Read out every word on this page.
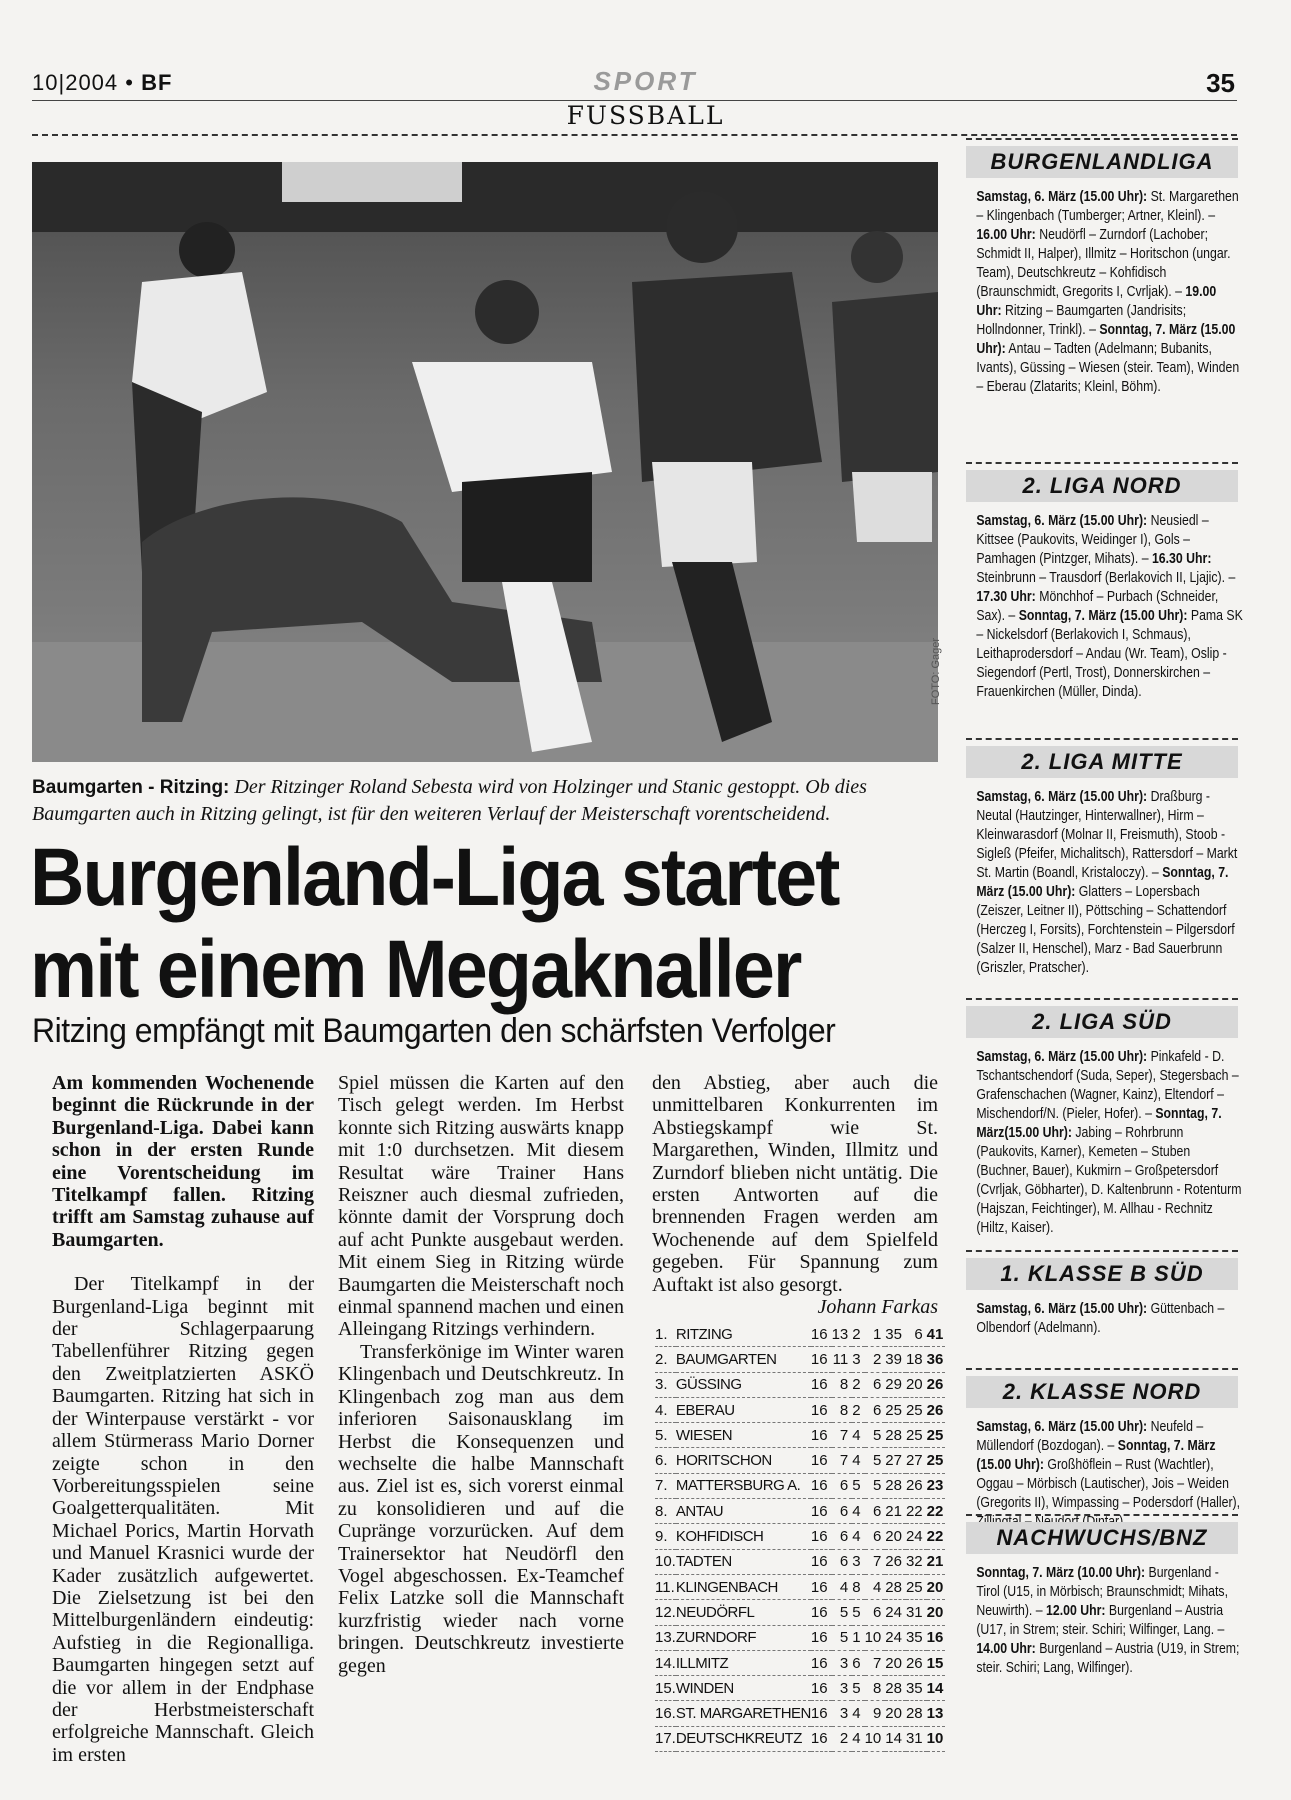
10|2004 • BF	SPORT	35
FUSSBALL
FOTO: Gager
Baumgarten - Ritzing: Der Ritzinger Roland Sebesta wird von Holzinger und Stanic gestoppt. Ob dies Baumgarten auch in Ritzing gelingt, ist für den weiteren Verlauf der Meisterschaft vorentscheidend.
Burgenland-Liga startet
mit einem Megaknaller
Ritzing empfängt mit Baumgarten den schärfsten Verfolger

Am kommenden Wochenende beginnt die Rückrunde in der Burgenland-Liga. Dabei kann schon in der ersten Runde eine Vorentscheidung im Titelkampf fallen. Ritzing trifft am Samstag zuhause auf Baumgarten.

Der Titelkampf in der Burgenland-Liga beginnt mit der Schlagerpaarung Tabellenführer Ritzing gegen den Zweitplatzierten ASKÖ Baumgarten. Ritzing hat sich in der Winterpause verstärkt - vor allem Stürmerass Mario Dorner zeigte schon in den Vorbereitungsspielen seine Goalgetterqualitäten. Mit Michael Porics, Martin Horvath und Manuel Krasnici wurde der Kader zusätzlich aufgewertet. Die Zielsetzung ist bei den Mittelburgenländern eindeutig: Aufstieg in die Regionalliga. Baumgarten hingegen setzt auf die vor allem in der Endphase der Herbstmeisterschaft erfolgreiche Mannschaft. Gleich im ersten

Spiel müssen die Karten auf den Tisch gelegt werden. Im Herbst konnte sich Ritzing auswärts knapp mit 1:0 durchsetzen. Mit diesem Resultat wäre Trainer Hans Reiszner auch diesmal zufrieden, könnte damit der Vorsprung doch auf acht Punkte ausgebaut werden. Mit einem Sieg in Ritzing würde Baumgarten die Meisterschaft noch einmal spannend machen und einen Alleingang Ritzings verhindern.

Transferkönige im Winter waren Klingenbach und Deutschkreutz. In Klingenbach zog man aus dem inferioren Saisonausklang im Herbst die Konsequenzen und wechselte die halbe Mannschaft aus. Ziel ist es, sich vorerst einmal zu konsolidieren und auf die Cupränge vorzurücken. Auf dem Trainersektor hat Neudörfl den Vogel abgeschossen. Ex-Teamchef Felix Latzke soll die Mannschaft kurzfristig wieder nach vorne bringen. Deutschkreutz investierte gegen

den Abstieg, aber auch die unmittelbaren Konkurrenten im Abstiegskampf wie St. Margarethen, Winden, Illmitz und Zurndorf blieben nicht untätig. Die ersten Antworten auf die brennenden Fragen werden am Wochenende auf dem Spielfeld gegeben. Für Spannung zum Auftakt ist also gesorgt.

Johann Farkas

1.	RITZING	16	13	2	1	35	6	41
2.	BAUMGARTEN	16	11	3	2	39	18	36
3.	GÜSSING	16	8	2	6	29	20	26
4.	EBERAU	16	8	2	6	25	25	26
5.	WIESEN	16	7	4	5	28	25	25
6.	HORITSCHON	16	7	4	5	27	27	25
7.	MATTERSBURG A.	16	6	5	5	28	26	23
8.	ANTAU	16	6	4	6	21	22	22
9.	KOHFIDISCH	16	6	4	6	20	24	22
10.	TADTEN	16	6	3	7	26	32	21
11.	KLINGENBACH	16	4	8	4	28	25	20
12.	NEUDÖRFL	16	5	5	6	24	31	20
13.	ZURNDORF	16	5	1	10	24	35	16
14.	ILLMITZ	16	3	6	7	20	26	15
15.	WINDEN	16	3	5	8	28	35	14
16.	ST. MARGARETHEN	16	3	4	9	20	28	13
17.	DEUTSCHKREUTZ	16	2	4	10	14	31	10
BURGENLANDLIGA
Samstag, 6. März (15.00 Uhr): St. Margarethen – Klingenbach (Tumberger; Artner, Kleinl). – 16.00 Uhr: Neudörfl – Zurndorf (Lachober; Schmidt II, Halper), Illmitz – Horitschon (ungar. Team), Deutschkreutz – Kohfidisch (Braunschmidt, Gregorits I, Cvrljak). – 19.00 Uhr: Ritzing – Baumgarten (Jandrisits; Hollndonner, Trinkl). – Sonntag, 7. März (15.00 Uhr): Antau – Tadten (Adelmann; Bubanits, Ivants), Güssing – Wiesen (steir. Team), Winden – Eberau (Zlatarits; Kleinl, Böhm).
2. LIGA NORD
Samstag, 6. März (15.00 Uhr): Neusiedl – Kittsee (Paukovits, Weidinger I), Gols – Pamhagen (Pintzger, Mihats). – 16.30 Uhr: Steinbrunn – Trausdorf (Berlakovich II, Ljajic). – 17.30 Uhr: Mönchhof – Purbach (Schneider, Sax). – Sonntag, 7. März (15.00 Uhr): Pama SK – Nickelsdorf (Berlakovich I, Schmaus), Leithaprodersdorf – Andau (Wr. Team), Oslip - Siegendorf (Pertl, Trost), Donnerskirchen – Frauenkirchen (Müller, Dinda).
2. LIGA MITTE
Samstag, 6. März (15.00 Uhr): Draßburg - Neutal (Hautzinger, Hinterwallner), Hirm – Kleinwarasdorf (Molnar II, Freismuth), Stoob - Sigleß (Pfeifer, Michalitsch), Rattersdorf – Markt St. Martin (Boandl, Kristaloczy). – Sonntag, 7. März (15.00 Uhr): Glatters – Lopersbach (Zeiszer, Leitner II), Pöttsching – Schattendorf (Herczeg I, Forsits), Forchtenstein – Pilgersdorf (Salzer II, Henschel), Marz - Bad Sauerbrunn (Griszler, Pratscher).
2. LIGA SÜD
Samstag, 6. März (15.00 Uhr): Pinkafeld - D. Tschantschendorf (Suda, Seper), Stegersbach – Grafenschachen (Wagner, Kainz), Eltendorf – Mischendorf/N. (Pieler, Hofer). – Sonntag, 7. März(15.00 Uhr): Jabing – Rohrbrunn (Paukovits, Karner), Kemeten – Stuben (Buchner, Bauer), Kukmirn – Großpetersdorf (Cvrljak, Göbharter), D. Kaltenbrunn - Rotenturm (Hajszan, Feichtinger), M. Allhau - Rechnitz (Hiltz, Kaiser).
1. KLASSE B SÜD
Samstag, 6. März (15.00 Uhr): Güttenbach – Olbendorf (Adelmann).
2. KLASSE NORD
Samstag, 6. März (15.00 Uhr): Neufeld – Müllendorf (Bozdogan). – Sonntag, 7. März (15.00 Uhr): Großhöflein – Rust (Wachtler), Oggau – Mörbisch (Lautischer), Jois – Weiden (Gregorits II), Wimpassing – Podersdorf (Haller),
NACHWUCHS/BNZ
Sonntag, 7. März (10.00 Uhr): Burgenland - Tirol (U15, in Mörbisch; Braunschmidt; Mihats, Neuwirth). – 12.00 Uhr: Burgenland – Austria (U17, in Strem; steir. Schiri; Wilfinger, Lang. – 14.00 Uhr: Burgenland – Austria (U19, in Strem; steir. Schiri; Lang, Wilfinger).
